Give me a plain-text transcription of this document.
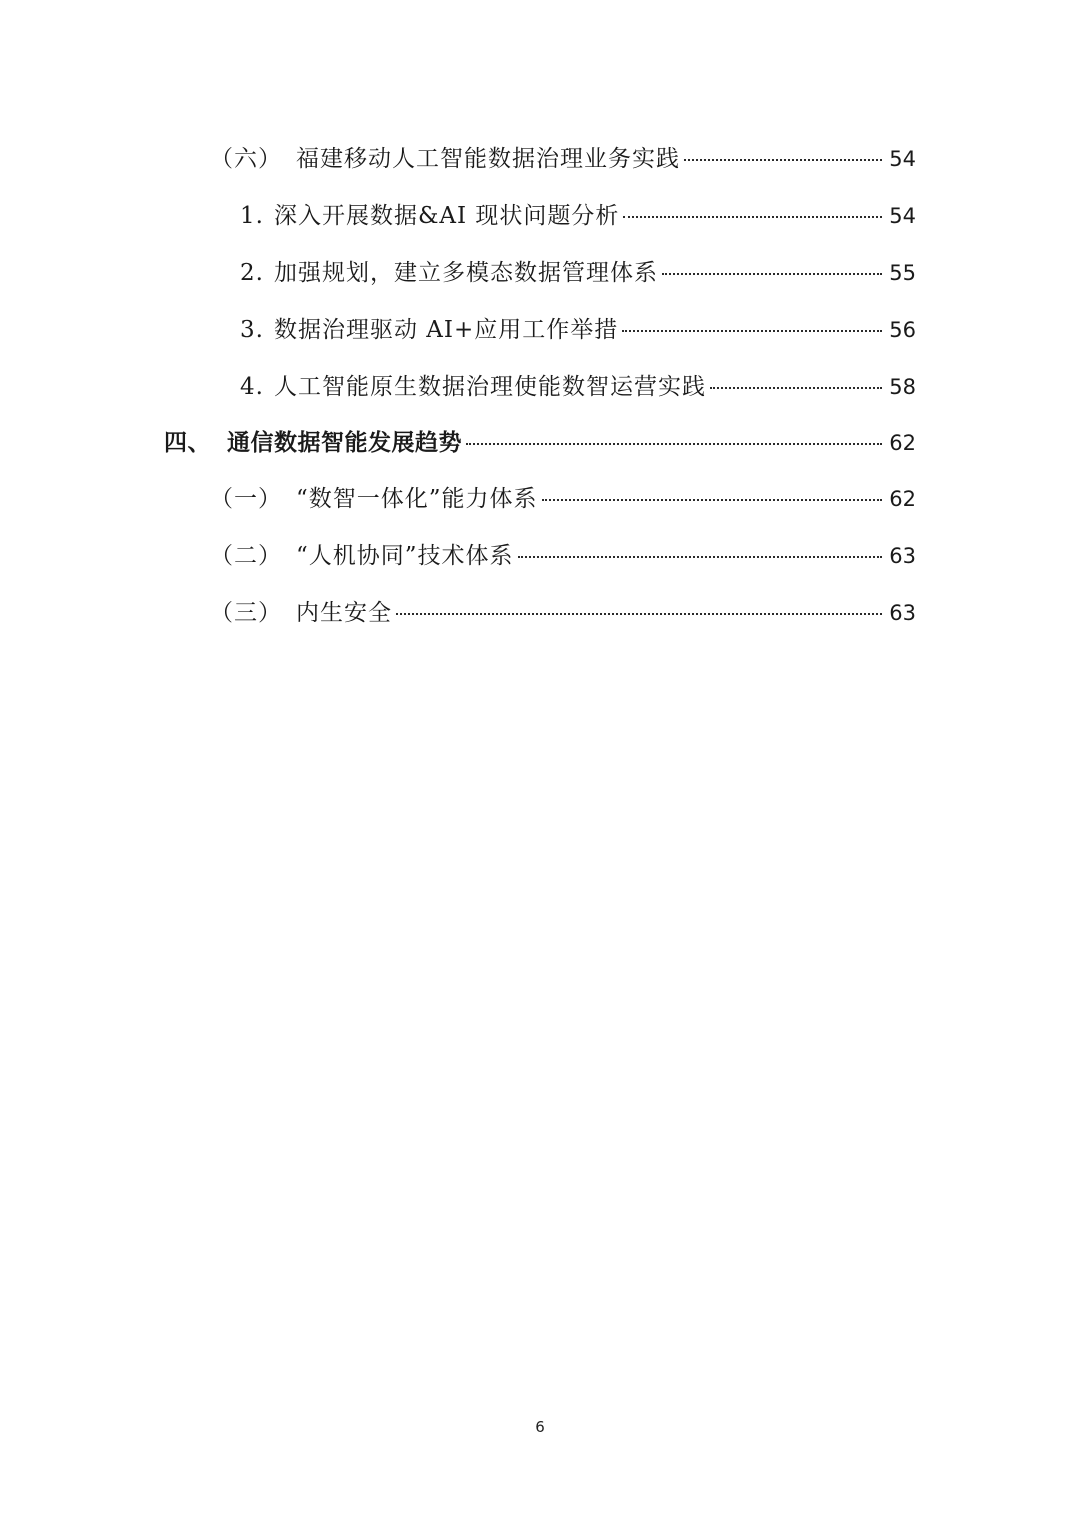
（六） 福建移动人工智能数据治理业务实践	54
1. 深入开展数据&AI 现状问题分析	54
2. 加强规划，建立多模态数据管理体系	55
3. 数据治理驱动 AI+应用工作举措	56
4. 人工智能原生数据治理使能数智运营实践	58
四、 通信数据智能发展趋势	62
（一） “数智一体化”能力体系	62
（二） “人机协同”技术体系	63
（三） 内生安全	63
6
